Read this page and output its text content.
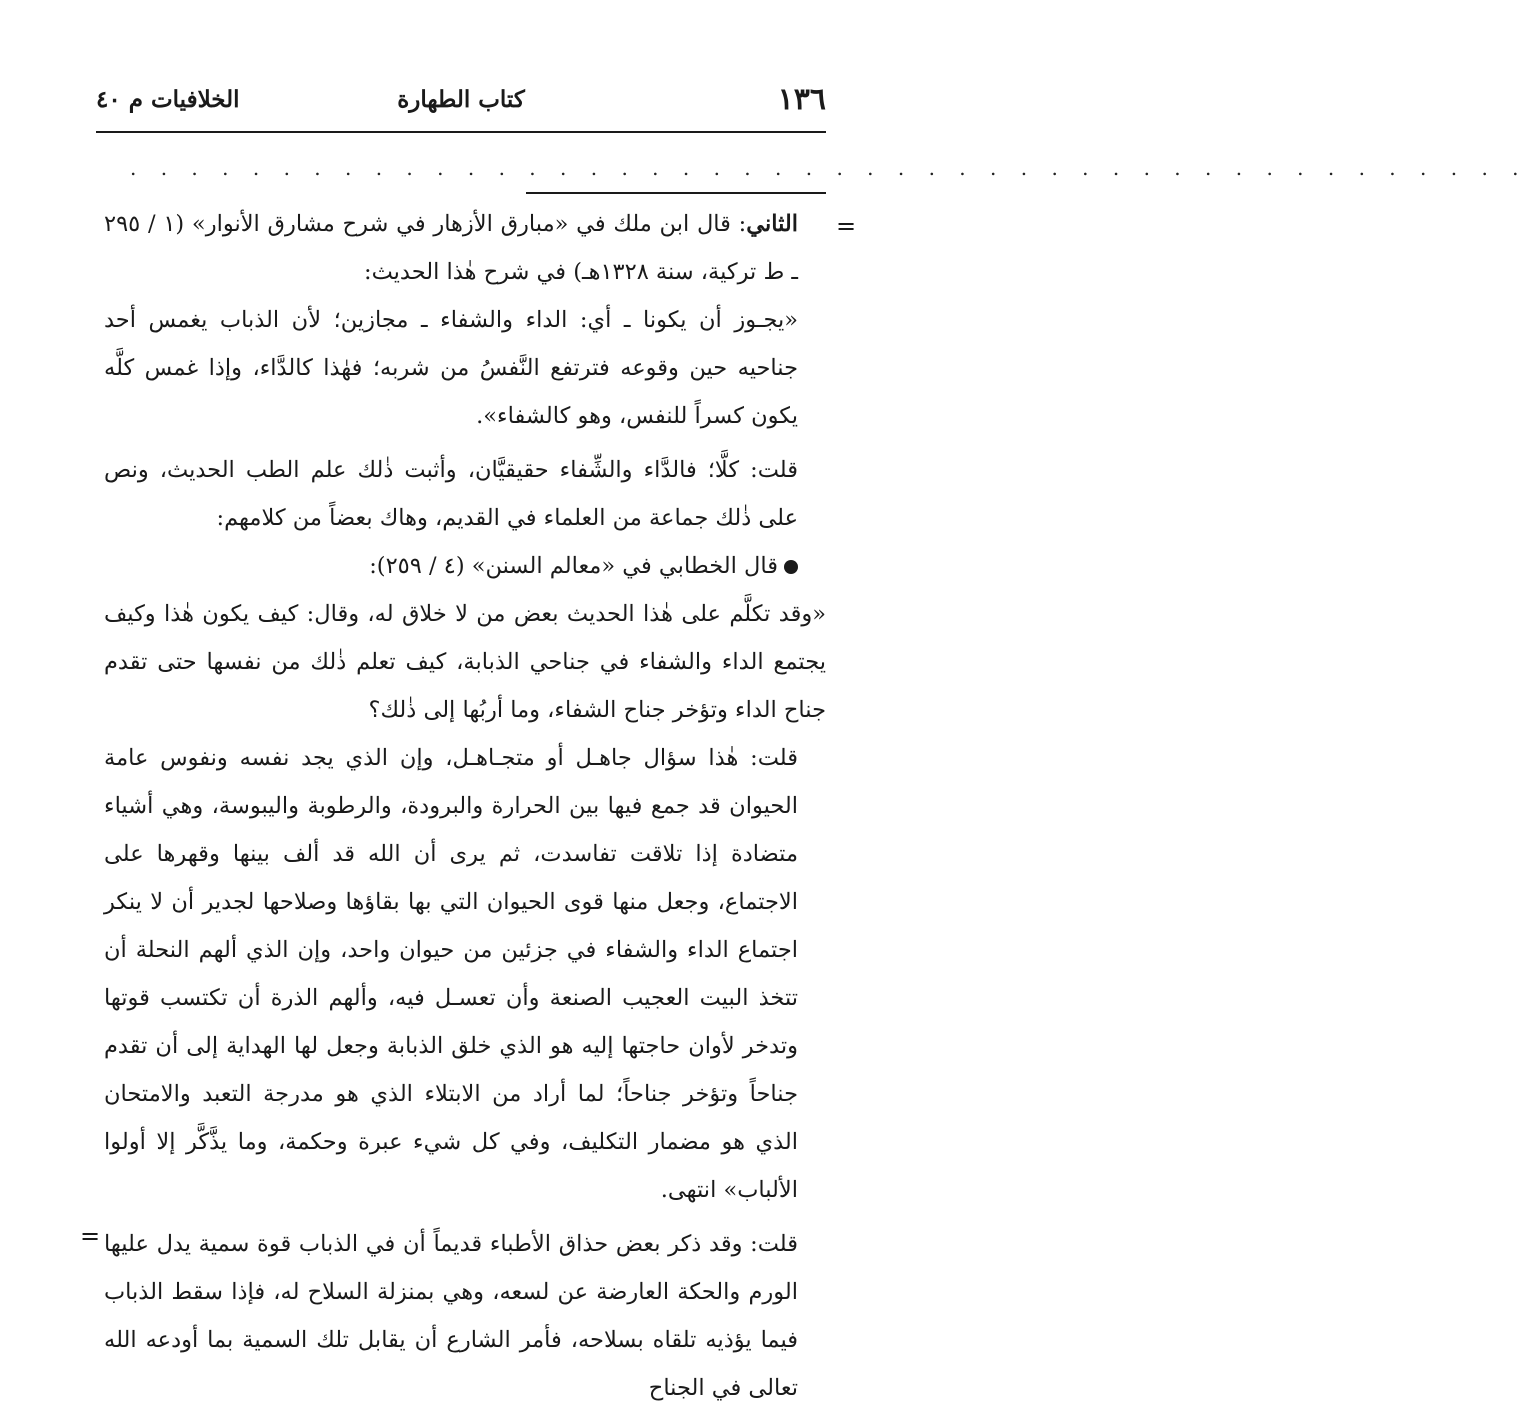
١٣٦
كتاب الطهارة
الخلافيات م ٤٠
. . . . . . . . . . . . . . . . . . . . . . . . . . . . . . . . . . . . . . . . . . . . . .
=

الثاني: قال ابن ملك في «مبارق الأزهار في شرح مشارق الأنوار» (١ / ٢٩٥ ـ ط تركية، سنة ١٣٢٨هـ) في شرح هٰذا الحديث:

«يجـوز أن يكونا ـ أي: الداء والشفاء ـ مجازين؛ لأن الذباب يغمس أحد جناحيه حين وقوعه فترتفع النَّفسُ من شربه؛ فهٰذا كالدَّاء، وإذا غمس كلَّه يكون كسراً للنفس، وهو كالشفاء».

قلت: كلَّا؛ فالدَّاء والشِّفاء حقيقيَّان، وأثبت ذٰلك علم الطب الحديث، ونص على ذٰلك جماعة من العلماء في القديم، وهاك بعضاً من كلامهم:

قال الخطابي في «معالم السنن» (٤ / ٢٥٩):

«وقد تكلَّم على هٰذا الحديث بعض من لا خلاق له، وقال: كيف يكون هٰذا وكيف يجتمع الداء والشفاء في جناحي الذبابة، كيف تعلم ذٰلك من نفسها حتى تقدم جناح الداء وتؤخر جناح الشفاء، وما أربُها إلى ذٰلك؟

قلت: هٰذا سؤال جاهـل أو متجـاهـل، وإن الذي يجد نفسه ونفوس عامة الحيوان قد جمع فيها بين الحرارة والبرودة، والرطوبة واليبوسة، وهي أشياء متضادة إذا تلاقت تفاسدت، ثم يرى أن الله قد ألف بينها وقهرها على الاجتماع، وجعل منها قوى الحيوان التي بها بقاؤها وصلاحها لجدير أن لا ينكر اجتماع الداء والشفاء في جزئين من حيوان واحد، وإن الذي ألهم النحلة أن تتخذ البيت العجيب الصنعة وأن تعسـل فيه، وألهم الذرة أن تكتسب قوتها وتدخر لأوان حاجتها إليه هو الذي خلق الذبابة وجعل لها الهداية إلى أن تقدم جناحاً وتؤخر جناحاً؛ لما أراد من الابتلاء الذي هو مدرجة التعبد والامتحان الذي هو مضمار التكليف، وفي كل شيء عبرة وحكمة، وما يذَّكَّر إلا أولوا الألباب» انتهى.

قلت: وقد ذكر بعض حذاق الأطباء قديماً أن في الذباب قوة سمية يدل عليها الورم والحكة العارضة عن لسعه، وهي بمنزلة السلاح له، فإذا سقط الذباب فيما يؤذيه تلقاه بسلاحه، فأمر الشارع أن يقابل تلك السمية بما أودعه الله تعالى في الجناح

=
